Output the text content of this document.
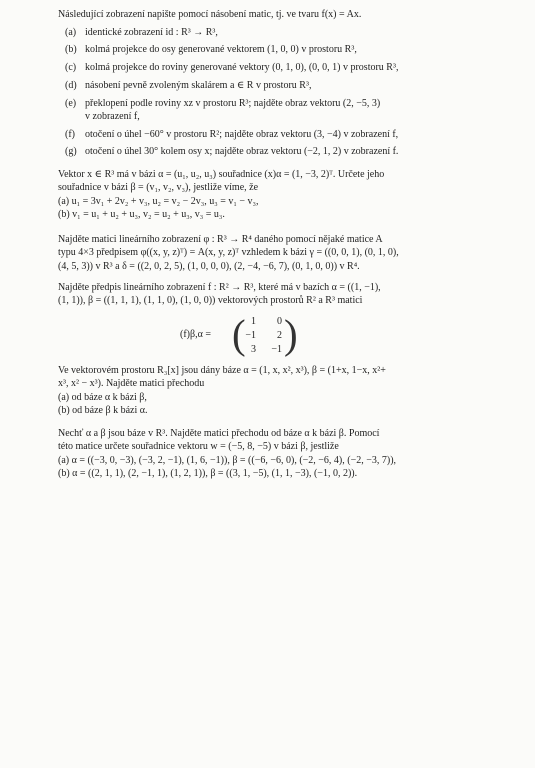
Následující zobrazení napište pomocí násobení matic, tj. ve tvaru f(x) = Ax.
(a) identické zobrazení id : R³ → R³,
(b) kolmá projekce do osy generované vektorem (1, 0, 0) v prostoru R³,
(c) kolmá projekce do roviny generované vektory (0, 1, 0), (0, 0, 1) v prostoru R³,
(d) násobení pevně zvoleným skalárem a ∈ R v prostoru R³,
(e) překlopení podle roviny xz v prostoru R³; najděte obraz vektoru (2, −5, 3)
v zobrazení f,
(f)	otočení o úhel −60° v prostoru R²; najděte obraz vektoru (3, −4) v zobrazení f,
(g) otočení o úhel 30° kolem osy x; najděte obraz vektoru (−2, 1, 2) v zobrazení f.
Vektor x ∈ R³ má v bázi α = (u₁, u₂, u₃) souřadnice (x)α = (1, −3, 2)ᵀ. Určete jeho
souřadnice v bázi β = (v₁, v₂, v₃), jestliže víme, že
(a) u₁ = 3v₁ + 2v₂ + v₃, u₂ = v₂ − 2v₃, u₃ = v₁ − v₃,
(b) v₁ = u₁ + u₂ + u₃, v₂ = u₂ + u₃, v₃ = u₃.
Najděte matici lineárního zobrazení φ : R³ → R⁴ daného pomocí nějaké matice A
typu 4×3 předpisem φ((x, y, z)ᵀ) = A(x, y, z)ᵀ vzhledem k bázi γ = ((0, 0, 1), (0, 1, 0),
(4, 5, 3)) v R³ a δ = ((2, 0, 2, 5), (1, 0, 0, 0), (2, −4, −6, 7), (0, 1, 0, 0)) v R⁴.
Najděte předpis lineárního zobrazení f : R² → R³, které má v bazích α = ((1, −1),
(1, 1)), β = ((1, 1, 1), (1, 1, 0), (1, 0, 0)) vektorových prostorů R² a R³ matici
(f)β,α = ( 1	0
−1	2
3	−1 )
Ve vektorovém prostoru R₃[x] jsou dány báze α = (1, x, x², x³), β = (1+x, 1−x, x²+
x³, x² − x³). Najděte matici přechodu
(a) od báze α k bázi β,
(b) od báze β k bázi α.
Nechť α a β jsou báze v R³. Najděte matici přechodu od báze α k bázi β. Pomocí
této matice určete souřadnice vektoru w = (−5, 8, −5) v bázi β, jestliže
(a) α = ((−3, 0, −3), (−3, 2, −1), (1, 6, −1)), β = ((−6, −6, 0), (−2, −6, 4), (−2, −3, 7)),
(b) α = ((2, 1, 1), (2, −1, 1), (1, 2, 1)), β = ((3, 1, −5), (1, 1, −3), (−1, 0, 2)).
